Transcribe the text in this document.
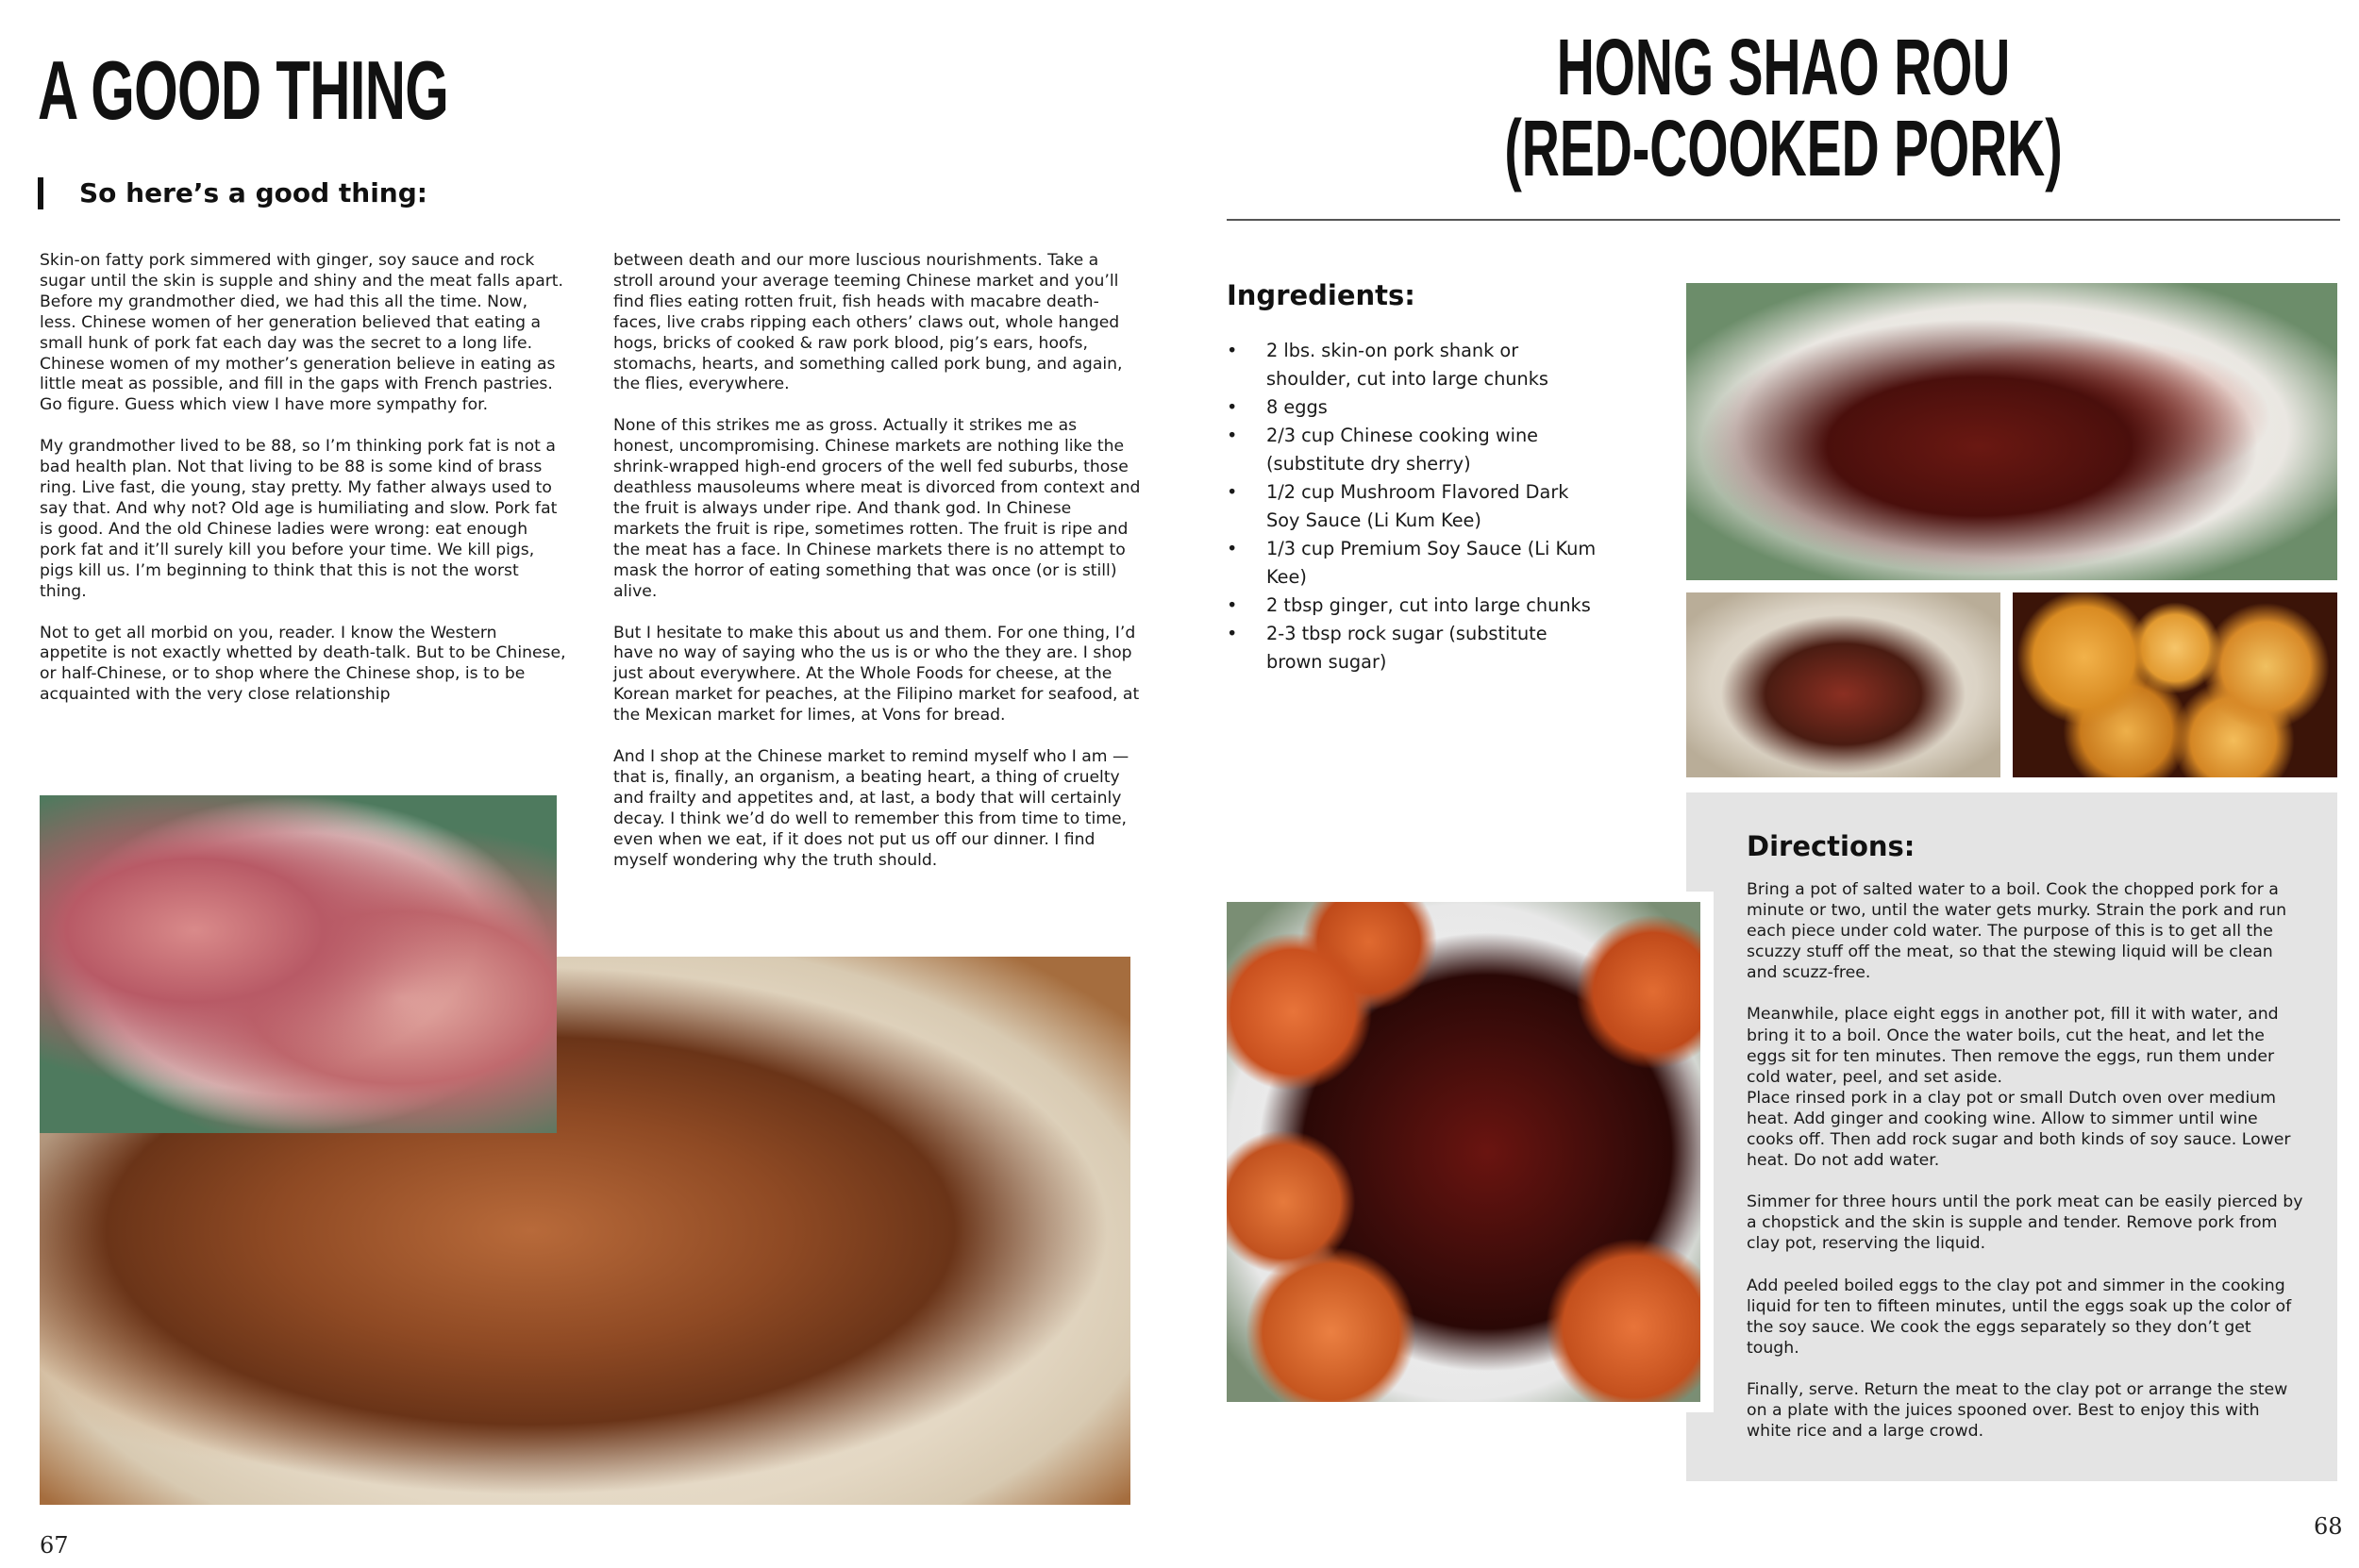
A GOOD THING
So here’s a good thing:

Skin-on fatty pork simmered with ginger, soy sauce and rock sugar until the skin is supple and shiny and the meat falls apart. Before my grandmother died, we had this all the time. Now, less. Chinese women of her generation believed that eating a small hunk of pork fat each day was the secret to a long life. Chinese women of my mother’s generation believe in eating as little meat as possible, and fill in the gaps with French pastries. Go figure. Guess which view I have more sympathy for.

My grandmother lived to be 88, so I’m thinking pork fat is not a bad health plan. Not that living to be 88 is some kind of brass ring. Live fast, die young, stay pretty. My father always used to say that. And why not? Old age is humiliating and slow. Pork fat is good. And the old Chinese ladies were wrong: eat enough pork fat and it’ll surely kill you before your time. We kill pigs, pigs kill us. I’m beginning to think that this is not the worst thing.

Not to get all morbid on you, reader. I know the Western appetite is not exactly whetted by death-talk. But to be Chinese, or half-Chinese, or to shop where the Chinese shop, is to be acquainted with the very close relationship

between death and our more luscious nourishments. Take a stroll around your average teeming Chinese market and you’ll find flies eating rotten fruit, fish heads with macabre death-faces, live crabs ripping each others’ claws out, whole hanged hogs, bricks of cooked & raw pork blood, pig’s ears, hoofs, stomachs, hearts, and something called pork bung, and again, the flies, everywhere.

None of this strikes me as gross. Actually it strikes me as honest, uncompromising. Chinese markets are nothing like the shrink-wrapped high-end grocers of the well fed suburbs, those deathless mausoleums where meat is divorced from context and the fruit is always under ripe. And thank god. In Chinese markets the fruit is ripe, sometimes rotten. The fruit is ripe and the meat has a face. In Chinese markets there is no attempt to mask the horror of eating something that was once (or is still) alive.

But I hesitate to make this about us and them. For one thing, I’d have no way of saying who the us is or who the they are. I shop just about everywhere. At the Whole Foods for cheese, at the Korean market for peaches, at the Filipino market for seafood, at the Mexican market for limes, at Vons for bread.

And I shop at the Chinese market to remind myself who I am — that is, finally, an organism, a beating heart, a thing of cruelty and frailty and appetites and, at last, a body that will certainly decay. I think we’d do well to remember this from time to time, even when we eat, if it does not put us off our dinner. I find myself wondering why the truth should.

67
HONG SHAO ROU
(RED-COOKED PORK)
Ingredients:
• 2 lbs. skin-on pork shank or shoulder, cut into large chunks
• 8 eggs
• 2/3 cup Chinese cooking wine (substitute dry sherry)
• 1/2 cup Mushroom Flavored Dark Soy Sauce (Li Kum Kee)
• 1/3 cup Premium Soy Sauce (Li Kum Kee)
• 2 tbsp ginger, cut into large chunks
• 2-3 tbsp rock sugar (substitute brown sugar)
Directions:

Bring a pot of salted water to a boil. Cook the chopped pork for a minute or two, until the water gets murky. Strain the pork and run each piece under cold water. The purpose of this is to get all the scuzzy stuff off the meat, so that the stewing liquid will be clean and scuzz-free.

Meanwhile, place eight eggs in another pot, fill it with water, and bring it to a boil. Once the water boils, cut the heat, and let the eggs sit for ten minutes. Then remove the eggs, run them under cold water, peel, and set aside.

Place rinsed pork in a clay pot or small Dutch oven over medium heat. Add ginger and cooking wine. Allow to simmer until wine cooks off. Then add rock sugar and both kinds of soy sauce. Lower heat. Do not add water.

Simmer for three hours until the pork meat can be easily pierced by a chopstick and the skin is supple and tender. Remove pork from clay pot, reserving the liquid.

Add peeled boiled eggs to the clay pot and simmer in the cooking liquid for ten to fifteen minutes, until the eggs soak up the color of the soy sauce. We cook the eggs separately so they don’t get tough.

Finally, serve. Return the meat to the clay pot or arrange the stew on a plate with the juices spooned over. Best to enjoy this with white rice and a large crowd.

68
